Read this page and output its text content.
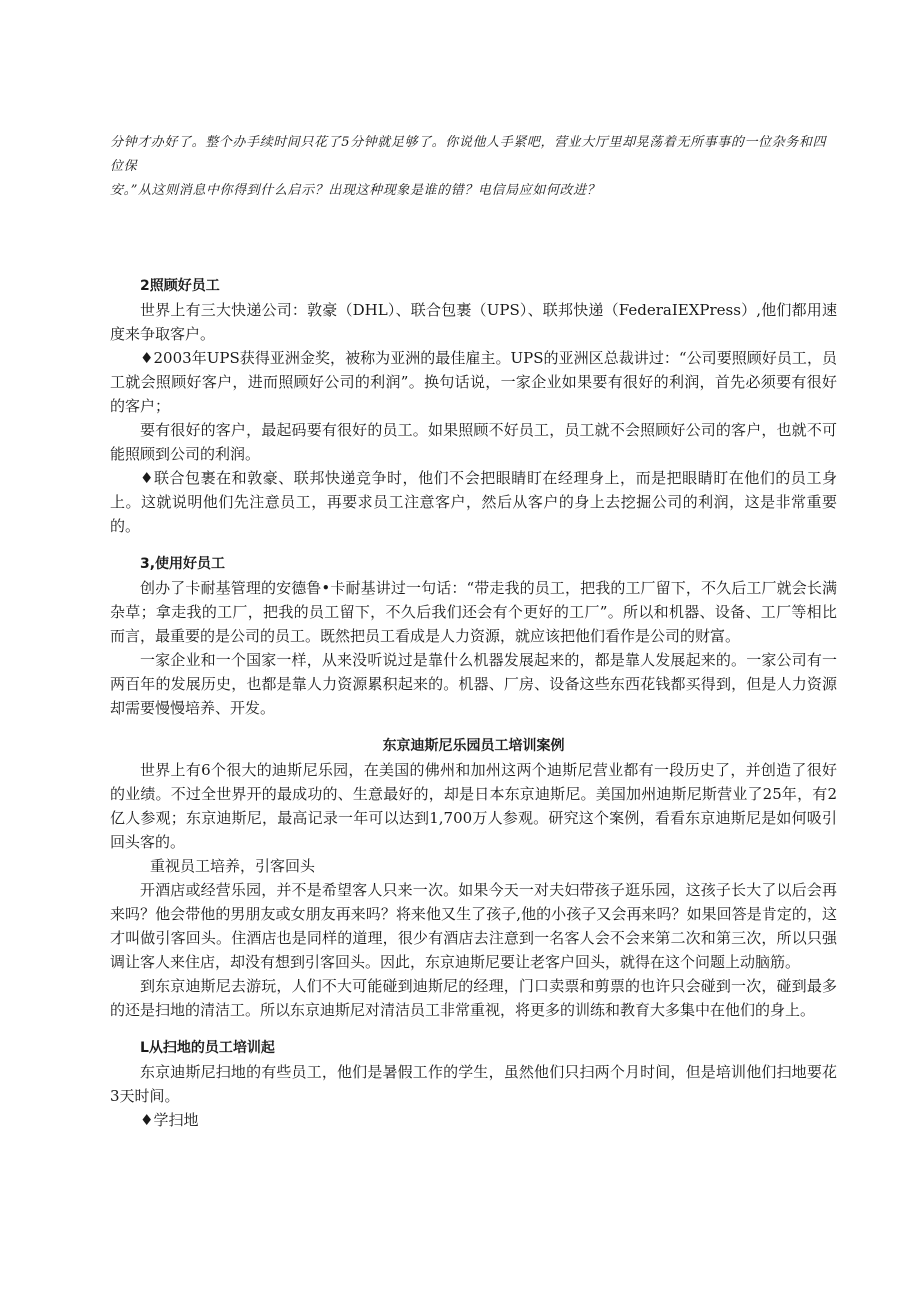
分钟才办好了。整个办手续时间只花了5分钟就足够了。你说他人手紧吧，营业大厅里却晃荡着无所事事的一位杂务和四位保

安。”从这则消息中你得到什么启示？出现这种现象是谁的错？电信局应如何改进？

2照顾好员工

世界上有三大快递公司：敦豪（DHL）、联合包裹（UPS）、联邦快递（FederaIEXPress）,他们都用速度来争取客户。

♦2003年UPS获得亚洲金奖，被称为亚洲的最佳雇主。UPS的亚洲区总裁讲过：“公司要照顾好员工，员工就会照顾好客户，进而照顾好公司的利润”。换句话说，一家企业如果要有很好的利润，首先必须要有很好的客户；

要有很好的客户，最起码要有很好的员工。如果照顾不好员工，员工就不会照顾好公司的客户，也就不可能照顾到公司的利润。

♦联合包裹在和敦豪、联邦快递竞争时，他们不会把眼睛盯在经理身上，而是把眼睛盯在他们的员工身上。这就说明他们先注意员工，再要求员工注意客户，然后从客户的身上去挖掘公司的利润，这是非常重要的。

3,使用好员工

创办了卡耐基管理的安德鲁•卡耐基讲过一句话：“带走我的员工，把我的工厂留下，不久后工厂就会长满杂草；拿走我的工厂，把我的员工留下，不久后我们还会有个更好的工厂”。所以和机器、设备、工厂等相比而言，最重要的是公司的员工。既然把员工看成是人力资源，就应该把他们看作是公司的财富。

一家企业和一个国家一样，从来没听说过是靠什么机器发展起来的，都是靠人发展起来的。一家公司有一两百年的发展历史，也都是靠人力资源累积起来的。机器、厂房、设备这些东西花钱都买得到，但是人力资源却需要慢慢培养、开发。

东京迪斯尼乐园员工培训案例

世界上有6个很大的迪斯尼乐园，在美国的佛州和加州这两个迪斯尼营业都有一段历史了，并创造了很好的业绩。不过全世界开的最成功的、生意最好的，却是日本东京迪斯尼。美国加州迪斯尼斯营业了25年，有2亿人参观；东京迪斯尼，最高记录一年可以达到1,700万人参观。研究这个案例，看看东京迪斯尼是如何吸引回头客的。

重视员工培养，引客回头

开酒店或经营乐园，并不是希望客人只来一次。如果今天一对夫妇带孩子逛乐园，这孩子长大了以后会再来吗？他会带他的男朋友或女朋友再来吗？将来他又生了孩子,他的小孩子又会再来吗？如果回答是肯定的，这才叫做引客回头。住酒店也是同样的道理，很少有酒店去注意到一名客人会不会来第二次和第三次，所以只强调让客人来住店，却没有想到引客回头。因此，东京迪斯尼要让老客户回头，就得在这个问题上动脑筋。

到东京迪斯尼去游玩，人们不大可能碰到迪斯尼的经理，门口卖票和剪票的也许只会碰到一次，碰到最多的还是扫地的清洁工。所以东京迪斯尼对清洁员工非常重视，将更多的训练和教育大多集中在他们的身上。

L从扫地的员工培训起

东京迪斯尼扫地的有些员工，他们是暑假工作的学生，虽然他们只扫两个月时间，但是培训他们扫地要花3天时间。

♦学扫地
